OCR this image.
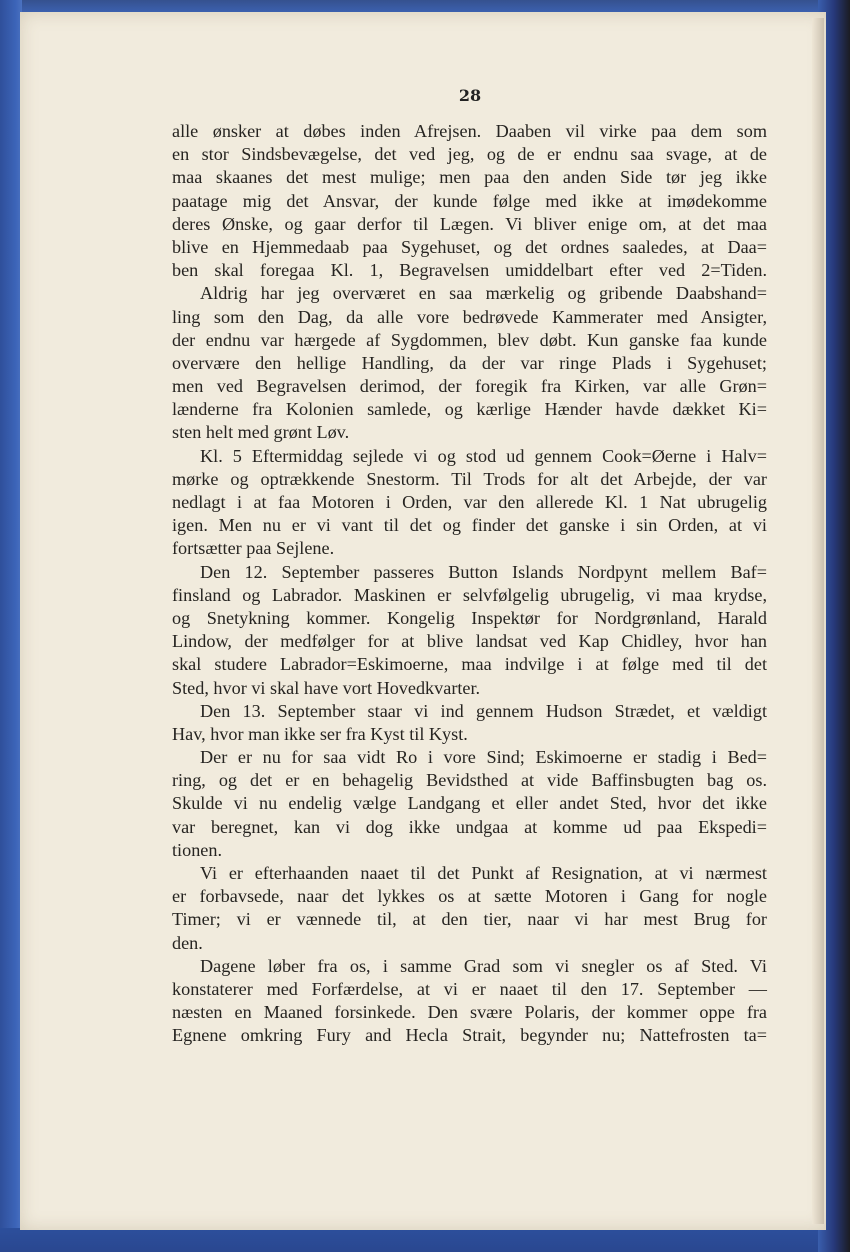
28
alle ønsker at døbes inden Afrejsen. Daaben vil virke paa dem som
en stor Sindsbevægelse, det ved jeg, og de er endnu saa svage, at de
maa skaanes det mest mulige; men paa den anden Side tør jeg ikke
paatage mig det Ansvar, der kunde følge med ikke at imødekomme
deres Ønske, og gaar derfor til Lægen. Vi bliver enige om, at det maa
blive en Hjemmedaab paa Sygehuset, og det ordnes saaledes, at Daa=
ben skal foregaa Kl. 1, Begravelsen umiddelbart efter ved 2=Tiden.
Aldrig har jeg overværet en saa mærkelig og gribende Daabshand=
ling som den Dag, da alle vore bedrøvede Kammerater med Ansigter,
der endnu var hærgede af Sygdommen, blev døbt. Kun ganske faa kunde
overvære den hellige Handling, da der var ringe Plads i Sygehuset;
men ved Begravelsen derimod, der foregik fra Kirken, var alle Grøn=
lænderne fra Kolonien samlede, og kærlige Hænder havde dækket Ki=
sten helt med grønt Løv.
Kl. 5 Eftermiddag sejlede vi og stod ud gennem Cook=Øerne i Halv=
mørke og optrækkende Snestorm. Til Trods for alt det Arbejde, der var
nedlagt i at faa Motoren i Orden, var den allerede Kl. 1 Nat ubrugelig
igen. Men nu er vi vant til det og finder det ganske i sin Orden, at vi
fortsætter paa Sejlene.
Den 12. September passeres Button Islands Nordpynt mellem Baf=
finsland og Labrador. Maskinen er selvfølgelig ubrugelig, vi maa krydse,
og Snetykning kommer. Kongelig Inspektør for Nordgrønland, Harald
Lindow, der medfølger for at blive landsat ved Kap Chidley, hvor han
skal studere Labrador=Eskimoerne, maa indvilge i at følge med til det
Sted, hvor vi skal have vort Hovedkvarter.
Den 13. September staar vi ind gennem Hudson Strædet, et vældigt
Hav, hvor man ikke ser fra Kyst til Kyst.
Der er nu for saa vidt Ro i vore Sind; Eskimoerne er stadig i Bed=
ring, og det er en behagelig Bevidsthed at vide Baffinsbugten bag os.
Skulde vi nu endelig vælge Landgang et eller andet Sted, hvor det ikke
var beregnet, kan vi dog ikke undgaa at komme ud paa Ekspedi=
tionen.
Vi er efterhaanden naaet til det Punkt af Resignation, at vi nærmest
er forbavsede, naar det lykkes os at sætte Motoren i Gang for nogle
Timer; vi er vænnede til, at den tier, naar vi har mest Brug for
den.
Dagene løber fra os, i samme Grad som vi snegler os af Sted. Vi
konstaterer med Forfærdelse, at vi er naaet til den 17. September —
næsten en Maaned forsinkede. Den svære Polaris, der kommer oppe fra
Egnene omkring Fury and Hecla Strait, begynder nu; Nattefrosten ta=
